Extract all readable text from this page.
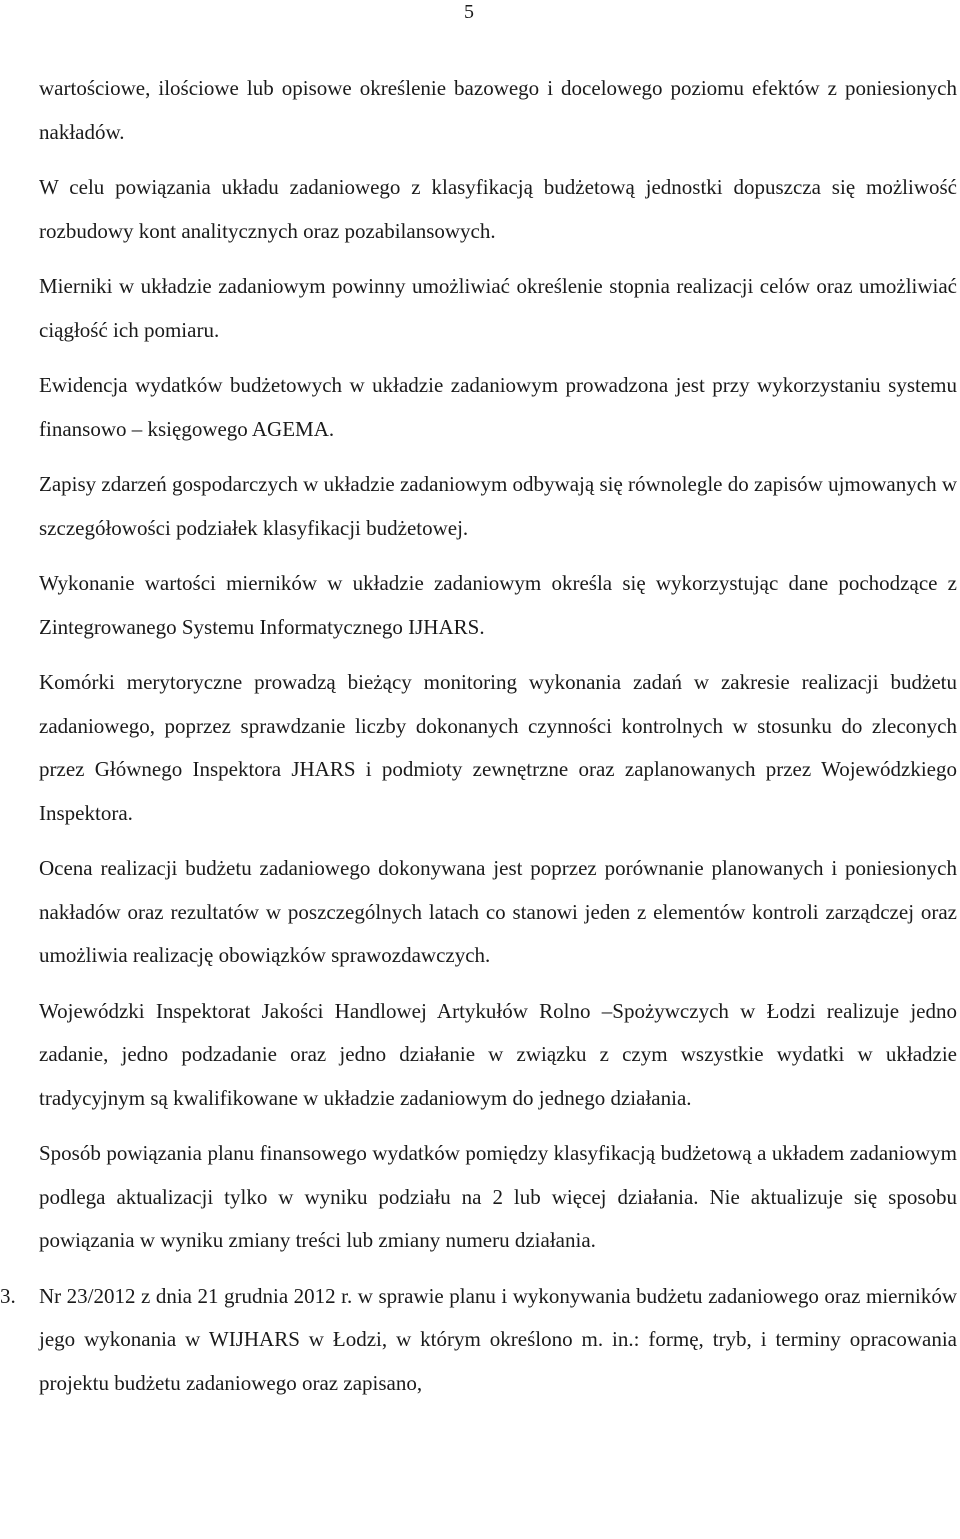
5

wartościowe, ilościowe lub opisowe określenie bazowego i docelowego poziomu efektów z poniesionych nakładów.

W celu powiązania układu zadaniowego z klasyfikacją budżetową jednostki dopuszcza się możliwość rozbudowy kont analitycznych oraz pozabilansowych.

Mierniki w układzie zadaniowym powinny umożliwiać określenie stopnia realizacji celów oraz umożliwiać ciągłość ich pomiaru.

Ewidencja wydatków budżetowych w układzie zadaniowym prowadzona jest przy wykorzystaniu systemu finansowo – księgowego AGEMA.

Zapisy zdarzeń gospodarczych w układzie zadaniowym odbywają się równolegle do zapisów ujmowanych w szczegółowości podziałek klasyfikacji budżetowej.

Wykonanie wartości mierników w układzie zadaniowym określa się wykorzystując dane pochodzące z Zintegrowanego Systemu Informatycznego IJHARS.

Komórki merytoryczne prowadzą bieżący monitoring wykonania zadań w zakresie realizacji budżetu zadaniowego, poprzez sprawdzanie liczby dokonanych czynności kontrolnych w stosunku do zleconych przez Głównego Inspektora JHARS i podmioty zewnętrzne oraz zaplanowanych przez Wojewódzkiego Inspektora.

Ocena realizacji budżetu zadaniowego dokonywana jest poprzez porównanie planowanych i poniesionych nakładów oraz rezultatów w poszczególnych latach co stanowi jeden z elementów kontroli zarządczej oraz umożliwia realizację obowiązków sprawozdawczych.

Wojewódzki Inspektorat Jakości Handlowej Artykułów Rolno –Spożywczych w Łodzi realizuje jedno zadanie, jedno podzadanie oraz jedno działanie w związku z czym wszystkie wydatki w układzie tradycyjnym są kwalifikowane w układzie zadaniowym do jednego działania.

Sposób powiązania planu finansowego wydatków pomiędzy klasyfikacją budżetową a układem zadaniowym podlega aktualizacji tylko w wyniku podziału na 2 lub więcej działania. Nie aktualizuje się sposobu powiązania w wyniku zmiany treści lub zmiany numeru działania.

3. Nr 23/2012 z dnia 21 grudnia 2012 r. w sprawie planu i wykonywania budżetu zadaniowego oraz mierników jego wykonania w WIJHARS w Łodzi, w którym określono m. in.: formę, tryb, i terminy opracowania projektu budżetu zadaniowego oraz zapisano,
